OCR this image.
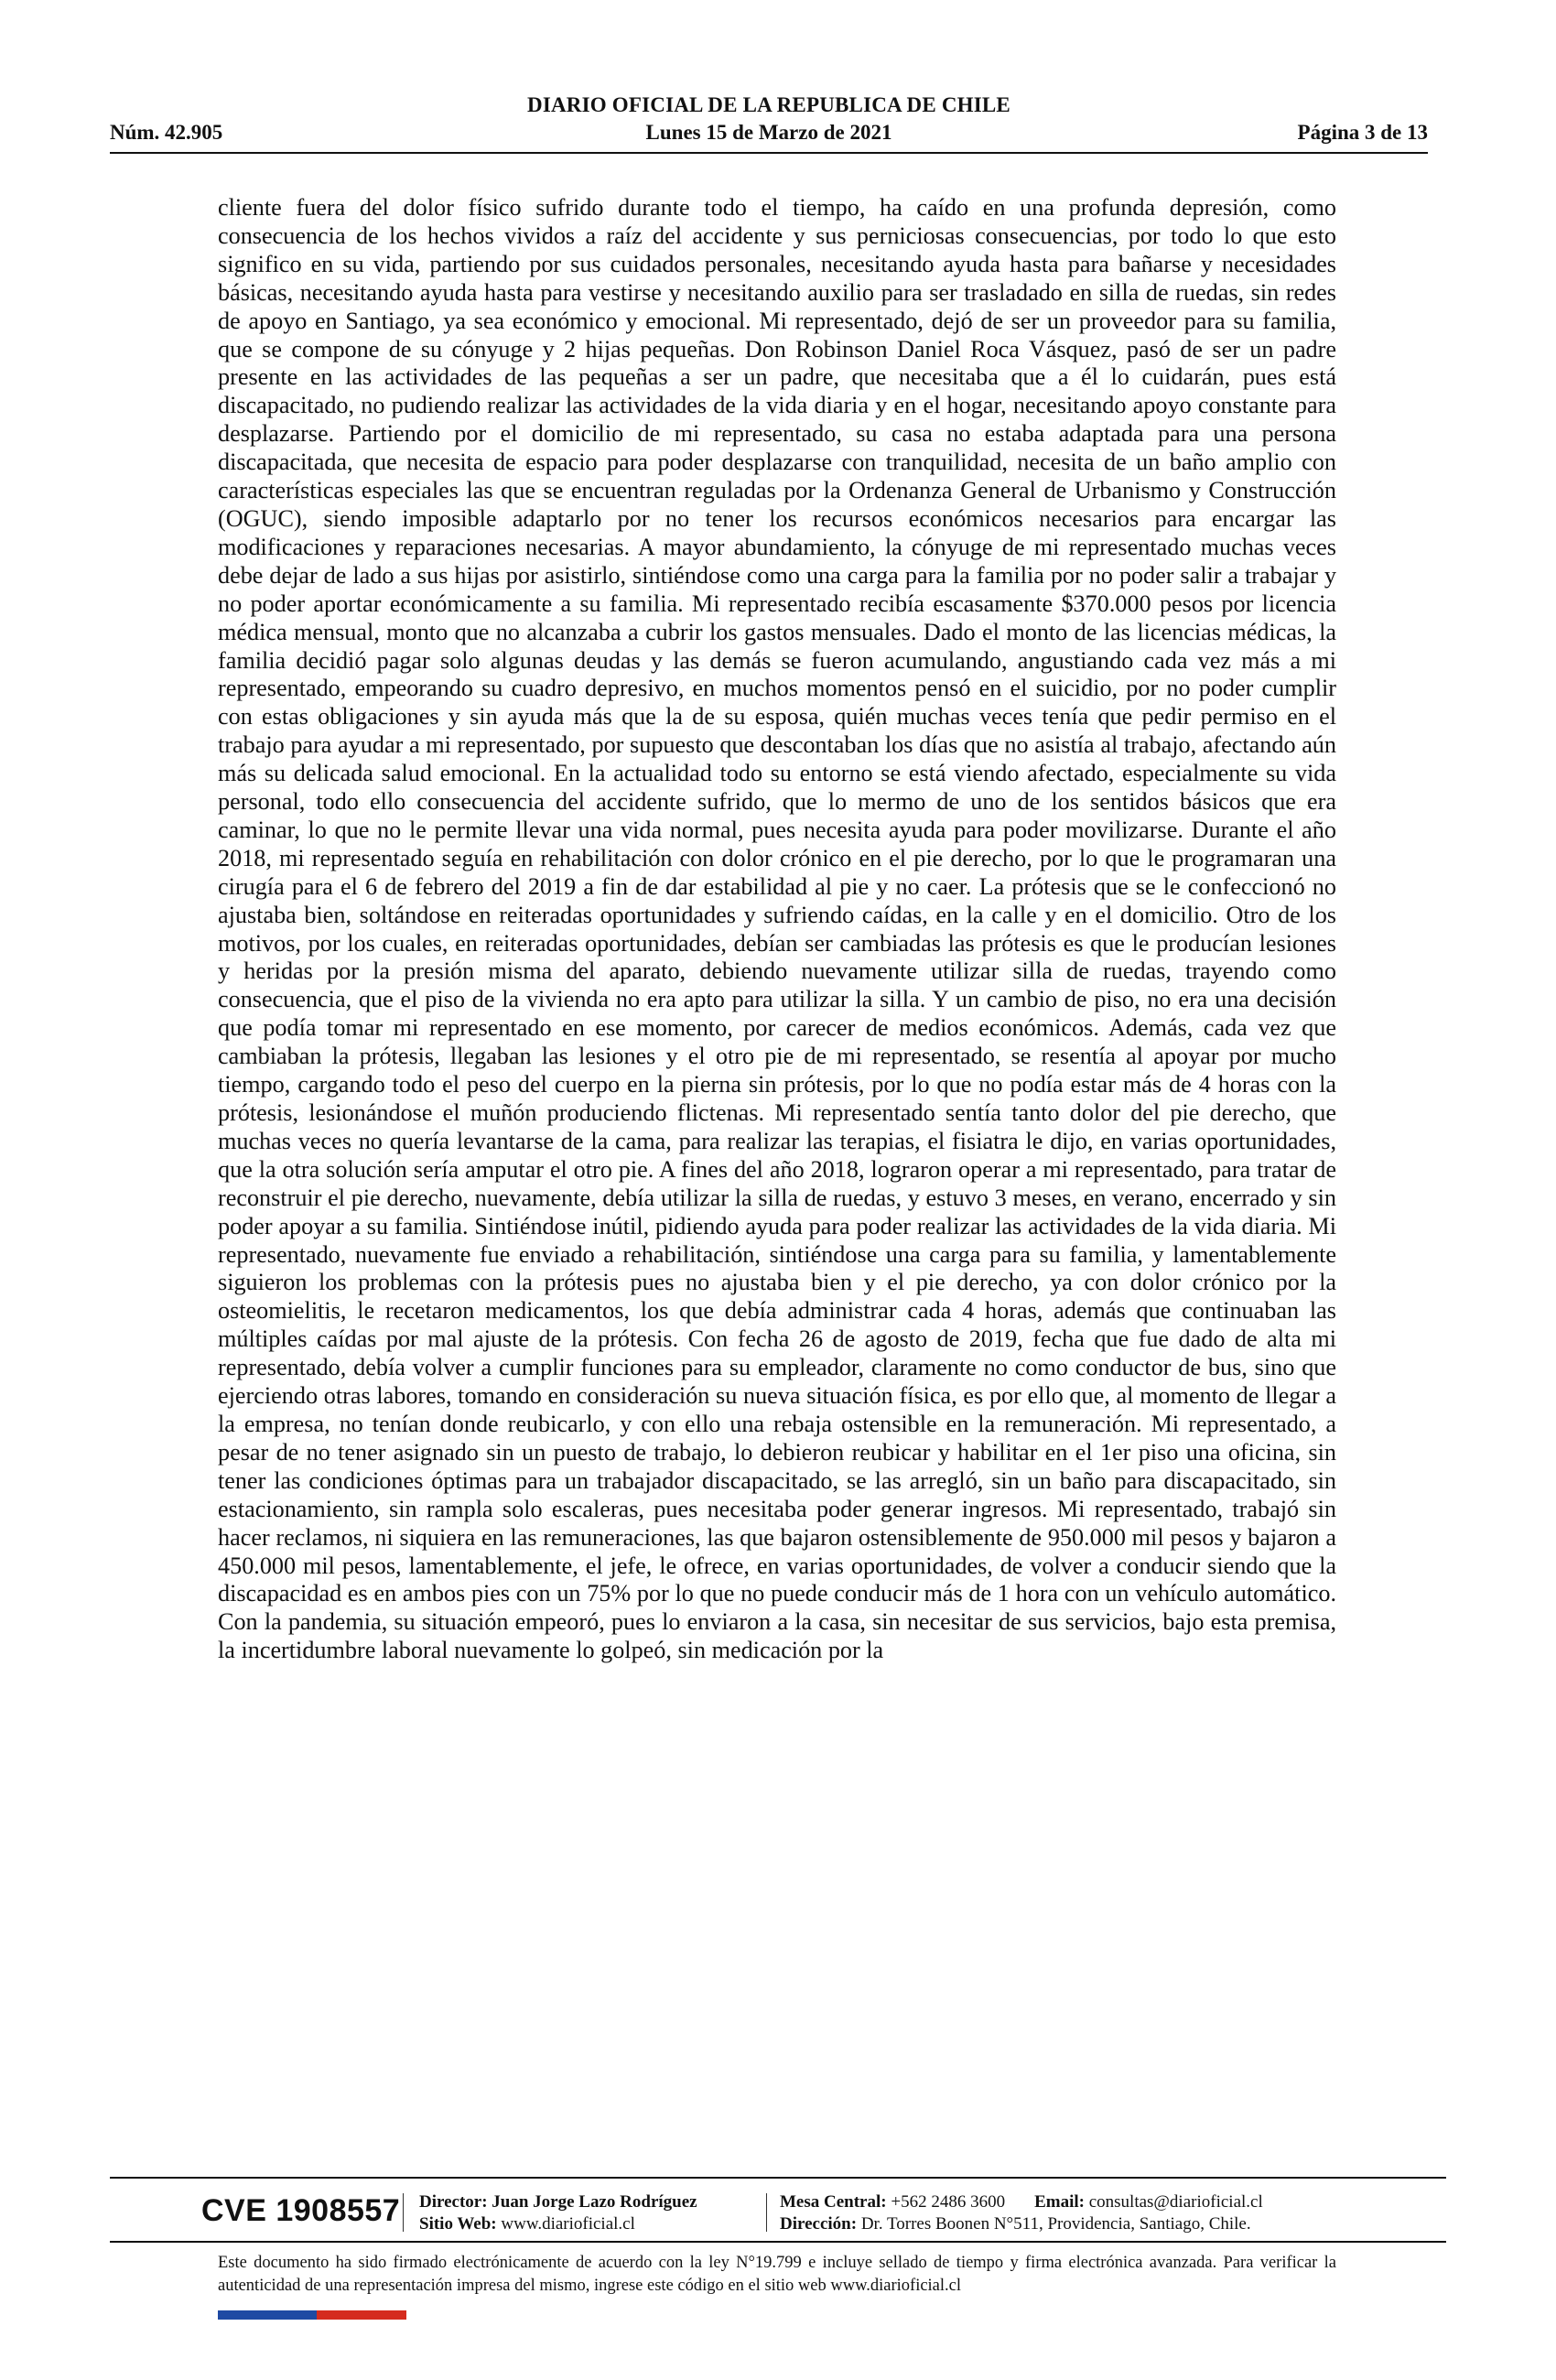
DIARIO OFICIAL DE LA REPUBLICA DE CHILE
Núm. 42.905	Lunes 15 de Marzo de 2021	Página 3 de 13
cliente fuera del dolor físico sufrido durante todo el tiempo, ha caído en una profunda depresión, como consecuencia de los hechos vividos a raíz del accidente y sus perniciosas consecuencias, por todo lo que esto significo en su vida, partiendo por sus cuidados personales, necesitando ayuda hasta para bañarse y necesidades básicas, necesitando ayuda hasta para vestirse y necesitando auxilio para ser trasladado en silla de ruedas, sin redes de apoyo en Santiago, ya sea económico y emocional. Mi representado, dejó de ser un proveedor para su familia, que se compone de su cónyuge y 2 hijas pequeñas. Don Robinson Daniel Roca Vásquez, pasó de ser un padre presente en las actividades de las pequeñas a ser un padre, que necesitaba que a él lo cuidarán, pues está discapacitado, no pudiendo realizar las actividades de la vida diaria y en el hogar, necesitando apoyo constante para desplazarse. Partiendo por el domicilio de mi representado, su casa no estaba adaptada para una persona discapacitada, que necesita de espacio para poder desplazarse con tranquilidad, necesita de un baño amplio con características especiales las que se encuentran reguladas por la Ordenanza General de Urbanismo y Construcción (OGUC), siendo imposible adaptarlo por no tener los recursos económicos necesarios para encargar las modificaciones y reparaciones necesarias. A mayor abundamiento, la cónyuge de mi representado muchas veces debe dejar de lado a sus hijas por asistirlo, sintiéndose como una carga para la familia por no poder salir a trabajar y no poder aportar económicamente a su familia. Mi representado recibía escasamente $370.000 pesos por licencia médica mensual, monto que no alcanzaba a cubrir los gastos mensuales. Dado el monto de las licencias médicas, la familia decidió pagar solo algunas deudas y las demás se fueron acumulando, angustiando cada vez más a mi representado, empeorando su cuadro depresivo, en muchos momentos pensó en el suicidio, por no poder cumplir con estas obligaciones y sin ayuda más que la de su esposa, quién muchas veces tenía que pedir permiso en el trabajo para ayudar a mi representado, por supuesto que descontaban los días que no asistía al trabajo, afectando aún más su delicada salud emocional. En la actualidad todo su entorno se está viendo afectado, especialmente su vida personal, todo ello consecuencia del accidente sufrido, que lo mermo de uno de los sentidos básicos que era caminar, lo que no le permite llevar una vida normal, pues necesita ayuda para poder movilizarse. Durante el año 2018, mi representado seguía en rehabilitación con dolor crónico en el pie derecho, por lo que le programaran una cirugía para el 6 de febrero del 2019 a fin de dar estabilidad al pie y no caer. La prótesis que se le confeccionó no ajustaba bien, soltándose en reiteradas oportunidades y sufriendo caídas, en la calle y en el domicilio. Otro de los motivos, por los cuales, en reiteradas oportunidades, debían ser cambiadas las prótesis es que le producían lesiones y heridas por la presión misma del aparato, debiendo nuevamente utilizar silla de ruedas, trayendo como consecuencia, que el piso de la vivienda no era apto para utilizar la silla. Y un cambio de piso, no era una decisión que podía tomar mi representado en ese momento, por carecer de medios económicos. Además, cada vez que cambiaban la prótesis, llegaban las lesiones y el otro pie de mi representado, se resentía al apoyar por mucho tiempo, cargando todo el peso del cuerpo en la pierna sin prótesis, por lo que no podía estar más de 4 horas con la prótesis, lesionándose el muñón produciendo flictenas. Mi representado sentía tanto dolor del pie derecho, que muchas veces no quería levantarse de la cama, para realizar las terapias, el fisiatra le dijo, en varias oportunidades, que la otra solución sería amputar el otro pie. A fines del año 2018, lograron operar a mi representado, para tratar de reconstruir el pie derecho, nuevamente, debía utilizar la silla de ruedas, y estuvo 3 meses, en verano, encerrado y sin poder apoyar a su familia. Sintiéndose inútil, pidiendo ayuda para poder realizar las actividades de la vida diaria. Mi representado, nuevamente fue enviado a rehabilitación, sintiéndose una carga para su familia, y lamentablemente siguieron los problemas con la prótesis pues no ajustaba bien y el pie derecho, ya con dolor crónico por la osteomielitis, le recetaron medicamentos, los que debía administrar cada 4 horas, además que continuaban las múltiples caídas por mal ajuste de la prótesis. Con fecha 26 de agosto de 2019, fecha que fue dado de alta mi representado, debía volver a cumplir funciones para su empleador, claramente no como conductor de bus, sino que ejerciendo otras labores, tomando en consideración su nueva situación física, es por ello que, al momento de llegar a la empresa, no tenían donde reubicarlo, y con ello una rebaja ostensible en la remuneración. Mi representado, a pesar de no tener asignado sin un puesto de trabajo, lo debieron reubicar y habilitar en el 1er piso una oficina, sin tener las condiciones óptimas para un trabajador discapacitado, se las arregló, sin un baño para discapacitado, sin estacionamiento, sin rampla solo escaleras, pues necesitaba poder generar ingresos. Mi representado, trabajó sin hacer reclamos, ni siquiera en las remuneraciones, las que bajaron ostensiblemente de 950.000 mil pesos y bajaron a 450.000 mil pesos, lamentablemente, el jefe, le ofrece, en varias oportunidades, de volver a conducir siendo que la discapacidad es en ambos pies con un 75% por lo que no puede conducir más de 1 hora con un vehículo automático. Con la pandemia, su situación empeoró, pues lo enviaron a la casa, sin necesitar de sus servicios, bajo esta premisa, la incertidumbre laboral nuevamente lo golpeó, sin medicación por la
CVE 1908557 Director: Juan Jorge Lazo Rodríguez
Sitio Web: www.diarioficial.cl
Mesa Central: +562 2486 3600 Email: consultas@diarioficial.cl
Dirección: Dr. Torres Boonen N°511, Providencia, Santiago, Chile.
Este documento ha sido firmado electrónicamente de acuerdo con la ley N°19.799 e incluye sellado de tiempo y firma electrónica avanzada. Para verificar la autenticidad de una representación impresa del mismo, ingrese este código en el sitio web www.diarioficial.cl
